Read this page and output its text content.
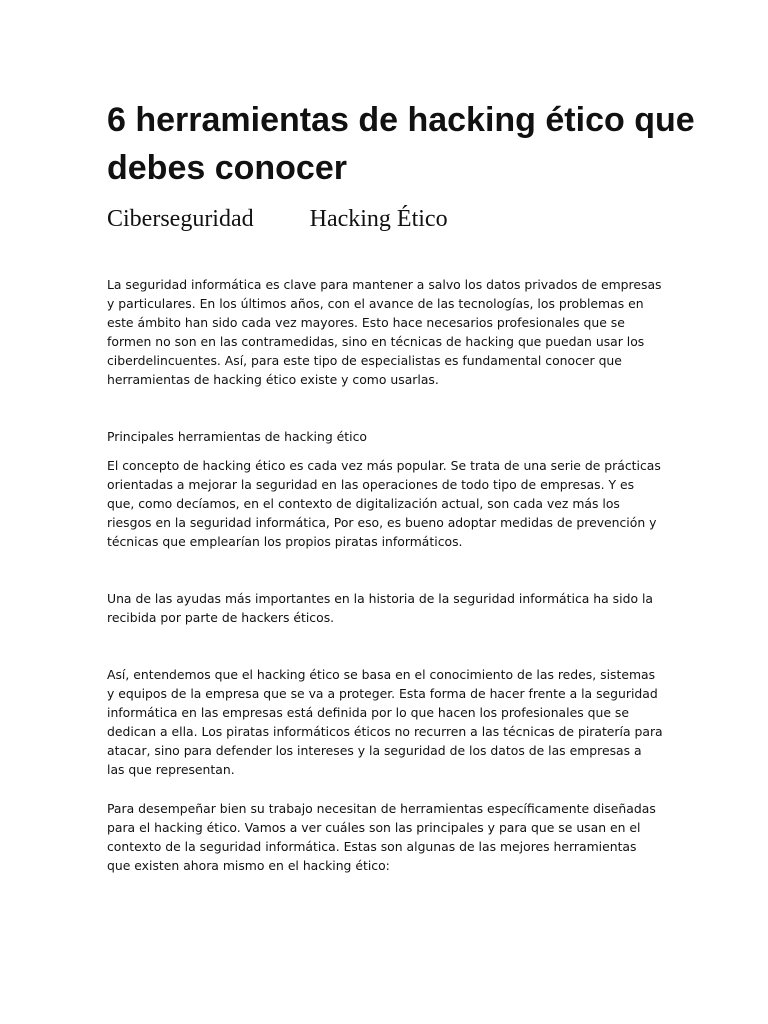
6 herramientas de hacking ético que debes conocer
Ciberseguridad Hacking Ético

La seguridad informática es clave para mantener a salvo los datos privados de empresas y particulares. En los últimos años, con el avance de las tecnologías, los problemas en este ámbito han sido cada vez mayores. Esto hace necesarios profesionales que se formen no son en las contramedidas, sino en técnicas de hacking que puedan usar los ciberdelincuentes. Así, para este tipo de especialistas es fundamental conocer que herramientas de hacking ético existe y como usarlas.

Principales herramientas de hacking ético

El concepto de hacking ético es cada vez más popular. Se trata de una serie de prácticas orientadas a mejorar la seguridad en las operaciones de todo tipo de empresas. Y es que, como decíamos, en el contexto de digitalización actual, son cada vez más los riesgos en la seguridad informática, Por eso, es bueno adoptar medidas de prevención y técnicas que emplearían los propios piratas informáticos.

Una de las ayudas más importantes en la historia de la seguridad informática ha sido la recibida por parte de hackers éticos.

Así, entendemos que el hacking ético se basa en el conocimiento de las redes, sistemas y equipos de la empresa que se va a proteger. Esta forma de hacer frente a la seguridad informática en las empresas está definida por lo que hacen los profesionales que se dedican a ella. Los piratas informáticos éticos no recurren a las técnicas de piratería para atacar, sino para defender los intereses y la seguridad de los datos de las empresas a las que representan.

Para desempeñar bien su trabajo necesitan de herramientas específicamente diseñadas para el hacking ético. Vamos a ver cuáles son las principales y para que se usan en el contexto de la seguridad informática. Estas son algunas de las mejores herramientas que existen ahora mismo en el hacking ético:
